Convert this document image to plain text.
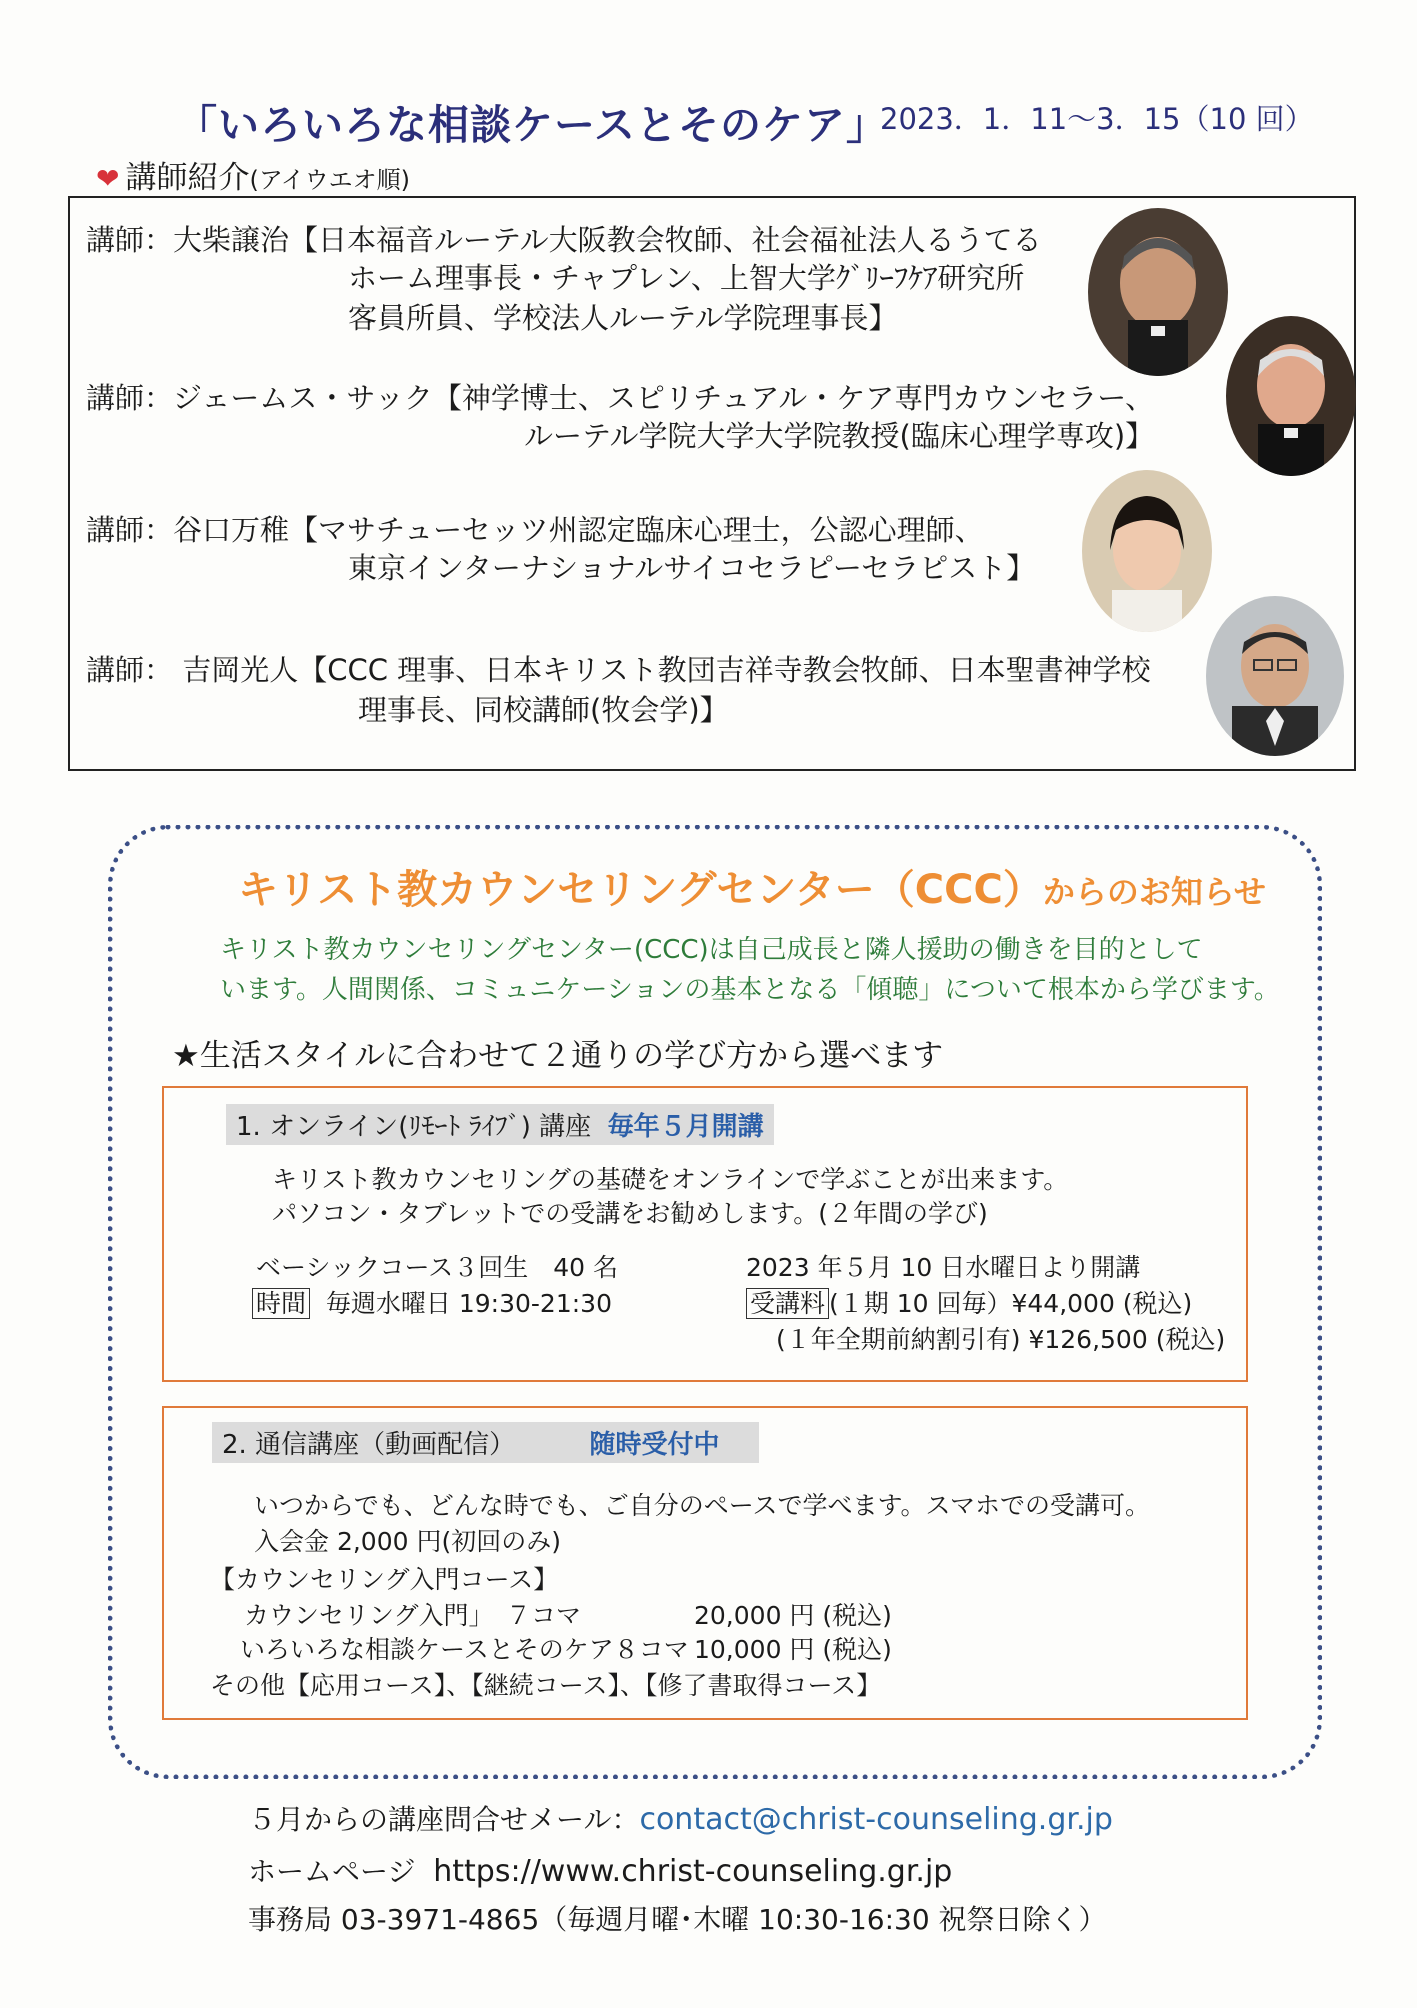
「いろいろな相談ケースとそのケア」
2023．1．11～3．15（10 回）
❤ 講師紹介(アイウエオ順)
講師：大柴譲治【日本福音ルーテル大阪教会牧師、社会福祉法人るうてる
ホーム理事長・チャプレン、上智大学ｸﾞﾘｰﾌｹｱ研究所
客員所員、学校法人ルーテル学院理事長】
講師：ジェームス・サック【神学博士、スピリチュアル・ケア専門カウンセラー、
ルーテル学院大学大学院教授(臨床心理学専攻)】
講師：谷口万稚【マサチューセッツ州認定臨床心理士，公認心理師、
東京インターナショナルサイコセラピーセラピスト】
講師： 吉岡光人【CCC 理事、日本キリスト教団吉祥寺教会牧師、日本聖書神学校
理事長、同校講師(牧会学)】
キリスト教カウンセリングセンター（CCC）からのお知らせ
キリスト教カウンセリングセンター(CCC)は自己成長と隣人援助の働きを目的として
います。人間関係、コミュニケーションの基本となる「傾聴」について根本から学びます。
★生活スタイルに合わせて２通りの学び方から選べます
1. オンライン(ﾘﾓｰﾄ ﾗｲﾌﾞ) 講座 毎年５月開講
キリスト教カウンセリングの基礎をオンラインで学ぶことが出来ます。
パソコン・タブレットでの受講をお勧めします。(２年間の学び)
ベーシックコース３回生　40 名	2023 年５月 10 日水曜日より開講
時間 毎週水曜日 19:30-21:30	受講料 (１期 10 回毎）¥44,000 (税込)
(１年全期前納割引有) ¥126,500 (税込)
2. 通信講座（動画配信）	随時受付中
いつからでも、どんな時でも、ご自分のペースで学べます。スマホでの受講可。
入会金 2,000 円(初回のみ)
【カウンセリング入門コース】
カウンセリング入門」　７コマ	20,000 円 (税込)
いろいろな相談ケースとそのケア８コマ 10,000 円 (税込)
その他【応用コース】、【継続コース】、【修了書取得コース】
５月からの講座問合せメール：contact@christ-counseling.gr.jp
ホームページ https://www.christ-counseling.gr.jp
事務局 03-3971-4865（毎週月曜･木曜 10:30-16:30 祝祭日除く）
